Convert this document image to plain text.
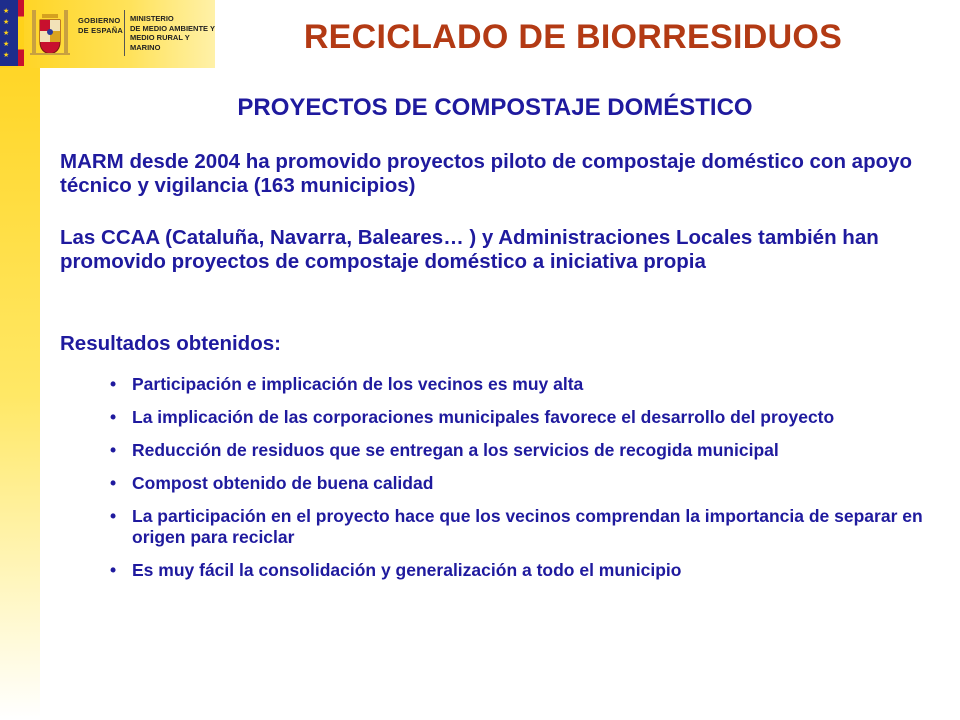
★
★
★
★
★
GOBIERNO
DE ESPAÑA
MINISTERIO
DE MEDIO AMBIENTE Y
MEDIO RURAL Y
MARINO	RECICLADO DE BIORRESIDUOS
PROYECTOS DE COMPOSTAJE DOMÉSTICO
MARM desde 2004 ha promovido proyectos piloto de compostaje doméstico con apoyo técnico y vigilancia (163 municipios)
Las CCAA (Cataluña, Navarra, Baleares… ) y Administraciones Locales también han promovido proyectos de compostaje doméstico a iniciativa propia
Resultados obtenidos:
• Participación e implicación de los vecinos es muy alta
• La implicación de las corporaciones municipales favorece el desarrollo del proyecto
• Reducción de residuos que se entregan a los servicios de recogida municipal
• Compost obtenido de buena calidad
• La participación en el proyecto hace que los vecinos comprendan la importancia de separar en origen para reciclar
• Es muy fácil la consolidación y generalización a todo el municipio
